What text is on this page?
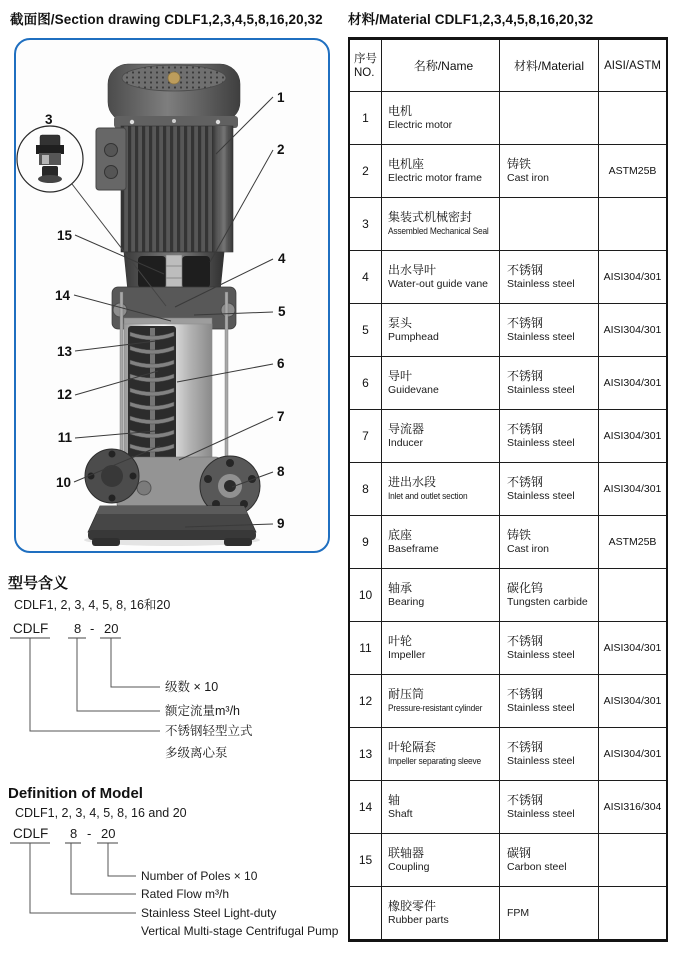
截面图/Section drawing CDLF1,2,3,4,5,8,16,20,32 材料/Material CDLF1,2,3,4,5,8,16,20,32
1
2
3
4
5
6
7
8
9
10
11
12
13
14
15
型号含义
CDLF1, 2, 3, 4, 5, 8, 16和20
CDLF 8 - 20
级数 × 10
额定流量m³/h
不锈钢轻型立式
多级离心泵
Definition of Model
CDLF1, 2, 3, 4, 5, 8, 16 and 20
CDLF 8 - 20
Number of Poles × 10
Rated Flow m³/h
Stainless Steel Light-duty
Vertical Multi-stage Centrifugal Pump
序号
NO.	名称/Name	材料/Material AISI/ASTM
1 电机
Electric motor
2 电机座
Electric motor frame
铸铁
Cast iron
ASTM25B
3 集装式机械密封
Assembled Mechanical Seal
4 出水导叶
Water-out guide vane
不锈钢
Stainless steel
AISI304/301
5 泵头
Pumphead
不锈钢
Stainless steel
AISI304/301
6 导叶
Guidevane
不锈钢
Stainless steel
AISI304/301
7 导流器
Inducer
不锈钢
Stainless steel
AISI304/301
8 进出水段
Inlet and outlet section
不锈钢
Stainless steel
AISI304/301
9 底座
Baseframe
铸铁
Cast iron
ASTM25B
10 轴承
Bearing
碳化钨
Tungsten carbide
11 叶轮
Impeller
不锈钢
Stainless steel
AISI304/301
12 耐压筒
Pressure-resistant cylinder
不锈钢
Stainless steel
AISI304/301
13 叶轮隔套
Impeller separating sleeve
不锈钢
Stainless steel
AISI304/301
14 轴
Shaft
不锈钢
Stainless steel
AISI316/304
15 联轴器
Coupling
碳钢
Carbon steel
橡胶零件
Rubber parts
FPM
